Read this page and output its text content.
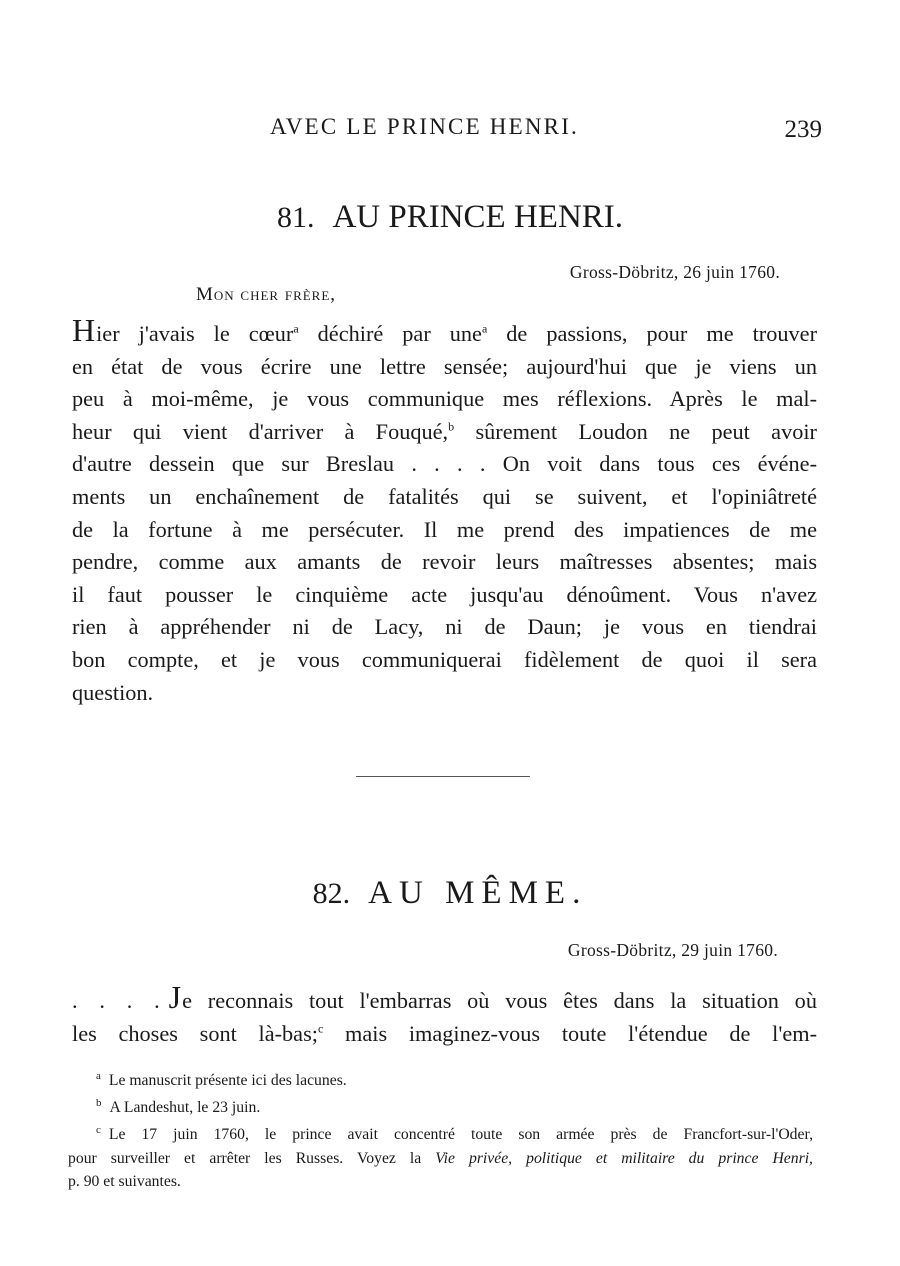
AVEC LE PRINCE HENRI.	239
81. AU PRINCE HENRI.
Gross-Döbritz, 26 juin 1760.
Mon cher frère,
Hier j'avais le cœur$^a$ déchiré par une$^a$ de passions, pour me trouver
en état de vous écrire une lettre sensée; aujourd'hui que je viens un
peu à moi-même, je vous communique mes réflexions. Après le mal-
heur qui vient d'arriver à Fouqué,$^b$ sûrement Loudon ne peut avoir
d'autre dessein que sur Breslau . . . . On voit dans tous ces événe-
ments un enchaînement de fatalités qui se suivent, et l'opiniâtreté
de la fortune à me persécuter. Il me prend des impatiences de me
pendre, comme aux amants de revoir leurs maîtresses absentes; mais
il faut pousser le cinquième acte jusqu'au dénoûment. Vous n'avez
rien à appréhender ni de Lacy, ni de Daun; je vous en tiendrai
bon compte, et je vous communiquerai fidèlement de quoi il sera
question.
82. AU MÊME.
Gross-Döbritz, 29 juin 1760.
. . . . Je reconnais tout l'embarras où vous êtes dans la situation où
les choses sont là-bas;$^c$ mais imaginez-vous toute l'étendue de l'em-
$^a$ Le manuscrit présente ici des lacunes.
$^b$ A Landeshut, le 23 juin.
$^c$ Le 17 juin 1760, le prince avait concentré toute son armée près de Francfort-sur-l'Oder,
pour surveiller et arrêter les Russes. Voyez la Vie privée, politique et militaire du prince Henri,
p. 90 et suivantes.
